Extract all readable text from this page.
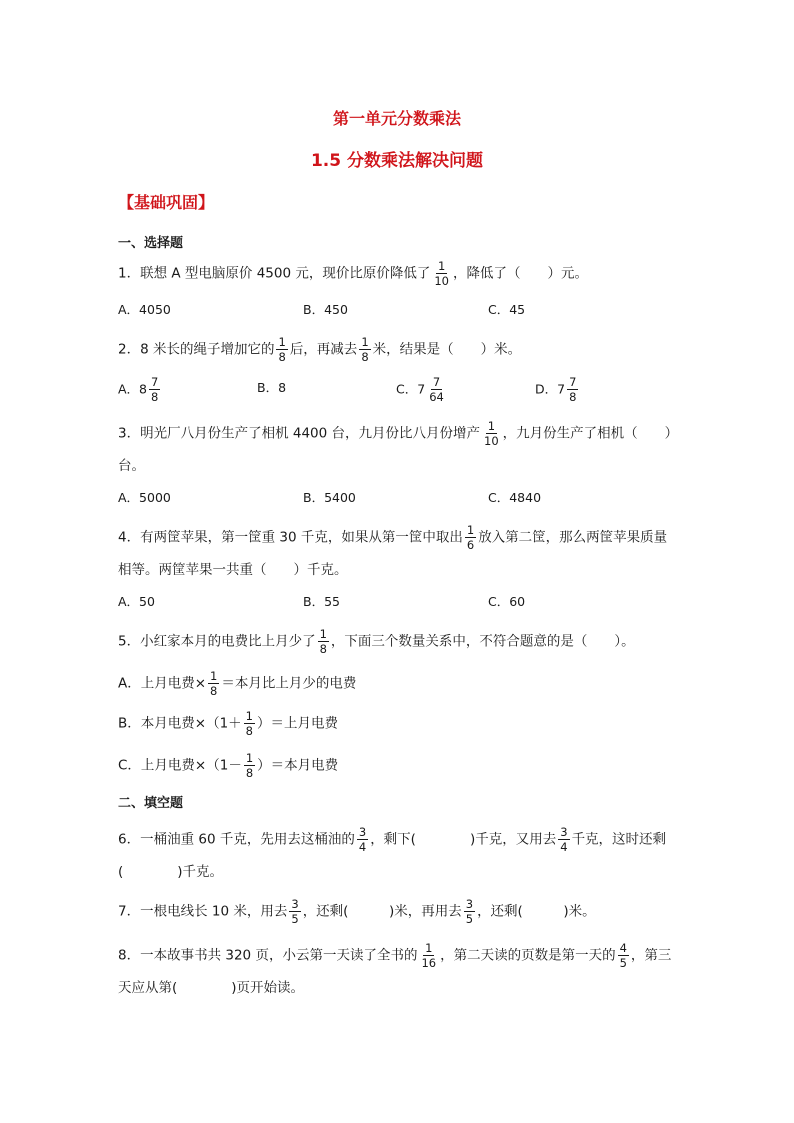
第一单元分数乘法
1.5 分数乘法解决问题
【基础巩固】
一、选择题
1．联想 A 型电脑原价 4500 元，现价比原价降低了 $\frac{1}{10}$ ，降低了（　　）元。
A．4050	B．450	C．45
2．8 米长的绳子增加它的 $\frac{1}{8}$ 后，再减去 $\frac{1}{8}$ 米，结果是（　　）米。
A．$8 \frac{7}{8}$	B．8	C．$7 \frac{7}{64}$	D．$7 \frac{7}{8}$
3．明光厂八月份生产了相机 4400 台，九月份比八月份增产 $\frac{1}{10}$ ，九月份生产了相机（　　）
台。
A．5000	B．5400	C．4840
4．有两筐苹果，第一筐重 30 千克，如果从第一筐中取出 $\frac{1}{6}$ 放入第二筐，那么两筐苹果质量
相等。两筐苹果一共重（　　）千克。
A．50	B．55	C．60
5．小红家本月的电费比上月少了 $\frac{1}{8}$ ，下面三个数量关系中，不符合题意的是（　　）。
A．上月电费× $\frac{1}{8}$ ＝本月比上月少的电费
B．本月电费$\times(1+ \frac{1}{8}$ ）＝上月电费
C．上月电费$\times(1- \frac{1}{8}$ ）＝本月电费
二、填空题
6．一桶油重 60 千克，先用去这桶油的 $\frac{3}{4}$ ，剩下(　　　　)千克，又用去 $\frac{3}{4}$ 千克，这时还剩
(　　　　)千克。
7．一根电线长 10 米，用去 $\frac{3}{5}$ ，还剩(　　　)米，再用去 $\frac{3}{5}$ ，还剩(　　　)米。
8．一本故事书共 320 页，小云第一天读了全书的 $\frac{1}{16}$ ，第二天读的页数是第一天的 $\frac{4}{5}$ ，第三
天应从第(　　　　)页开始读。
